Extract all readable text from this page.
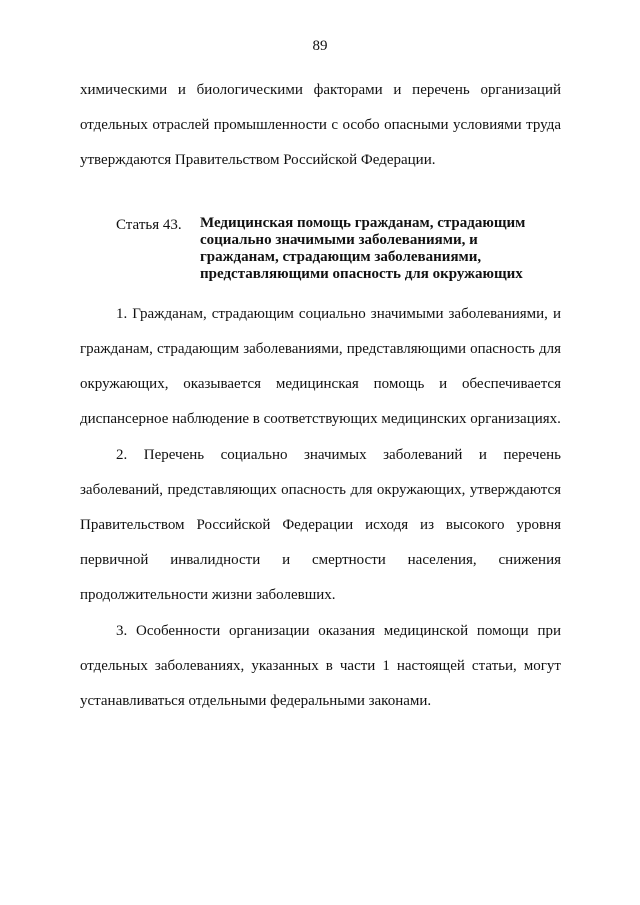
89
химическими и биологическими факторами и перечень организаций
отдельных отраслей промышленности с особо опасными условиями труда
утверждаются Правительством Российской Федерации.
Статья 43. Медицинская помощь гражданам, страдающим
социально значимыми заболеваниями, и
гражданам, страдающим заболеваниями,
представляющими опасность для окружающих
1. Гражданам, страдающим социально значимыми заболеваниями, и
гражданам, страдающим заболеваниями, представляющими опасность для
окружающих, оказывается медицинская помощь и обеспечивается
диспансерное наблюдение в соответствующих медицинских организациях.
2. Перечень социально значимых заболеваний и перечень
заболеваний, представляющих опасность для окружающих, утверждаются
Правительством Российской Федерации исходя из высокого уровня
первичной инвалидности и смертности населения, снижения
продолжительности жизни заболевших.
3. Особенности организации оказания медицинской помощи при
отдельных заболеваниях, указанных в части 1 настоящей статьи, могут
устанавливаться отдельными федеральными законами.
